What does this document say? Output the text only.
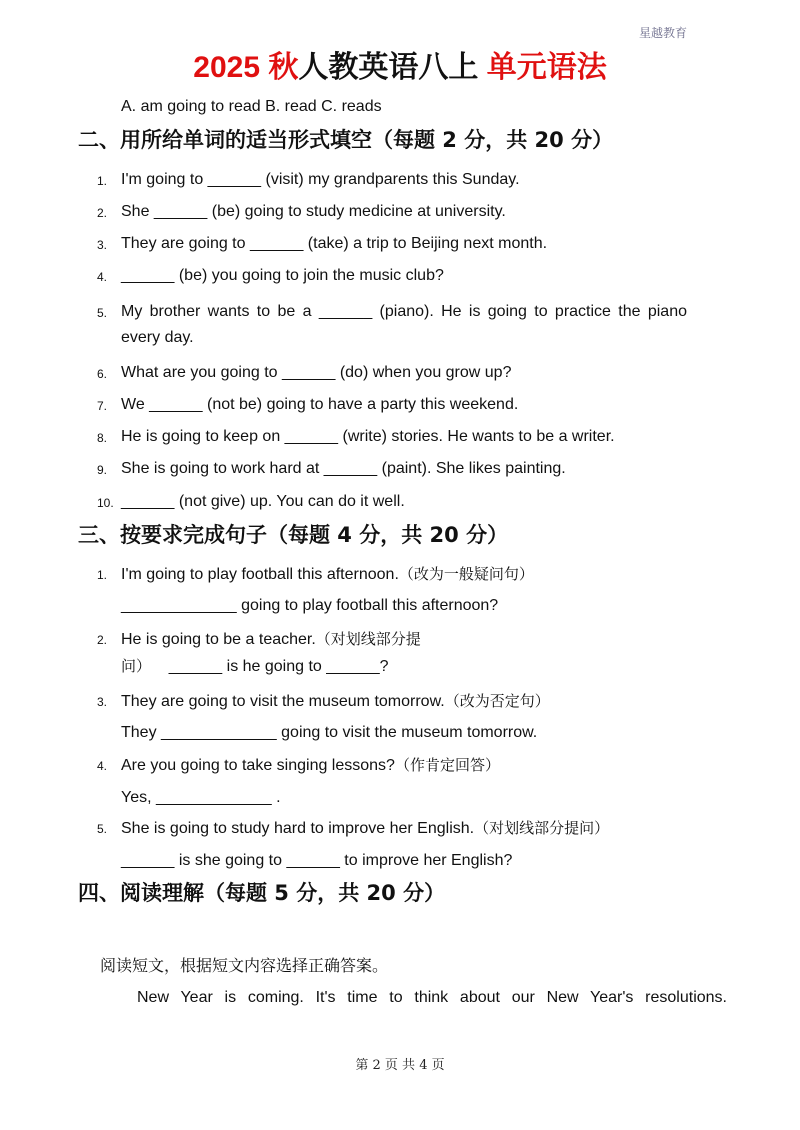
星越教育
2025 秋人教英语八上 单元语法
A. am going to read B. read C. reads
二、用所给单词的适当形式填空（每题 2 分，共 20 分）
1. I'm going to ______ (visit) my grandparents this Sunday.
2. She ______ (be) going to study medicine at university.
3. They are going to ______ (take) a trip to Beijing next month.
4. ______ (be) you going to join the music club?
5. My brother wants to be a ______ (piano). He is going to practice the piano every day.
6. What are you going to ______ (do) when you grow up?
7. We ______ (not be) going to have a party this weekend.
8. He is going to keep on ______ (write) stories. He wants to be a writer.
9. She is going to work hard at ______ (paint). She likes painting.
10. ______ (not give) up. You can do it well.
三、按要求完成句子（每题 4 分，共 20 分）
1. I'm going to play football this afternoon.（改为一般疑问句）
_____________ going to play football this afternoon?
2. He is going to be a teacher.（对划线部分提
问） ______ is he going to ______?
3. They are going to visit the museum tomorrow.（改为否定句）
They _____________ going to visit the museum tomorrow.
4. Are you going to take singing lessons?（作肯定回答）
Yes, _____________ .
5. She is going to study hard to improve her English.（对划线部分提问）
______ is she going to ______ to improve her English?
四、阅读理解（每题 5 分，共 20 分）
阅读短文，根据短文内容选择正确答案。
New Year is coming. It's time to think about our New Year's resolutions.
第 2 页 共 4 页
